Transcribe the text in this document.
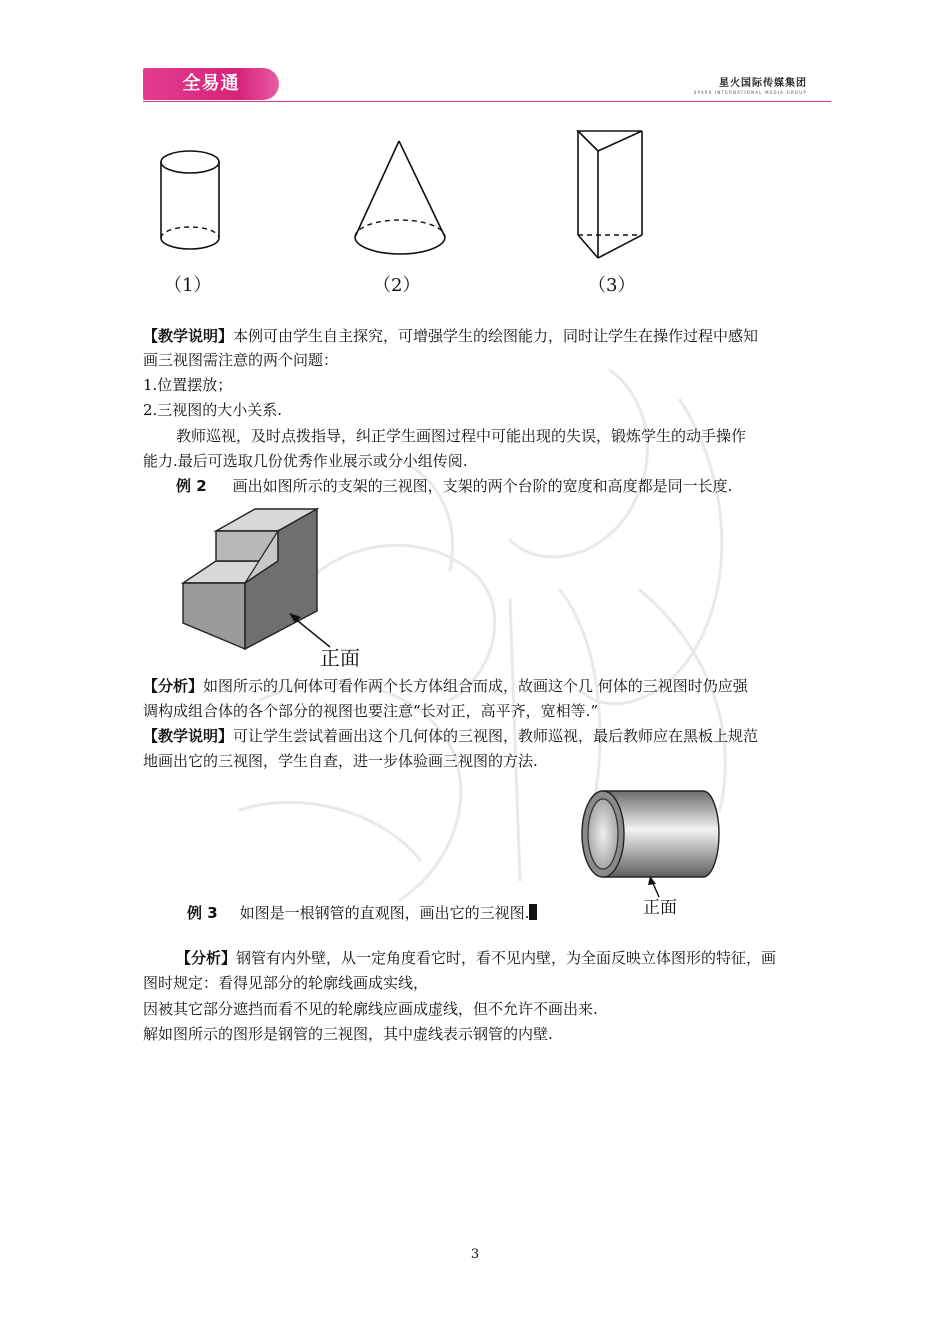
全易通	星火国际传媒集团
SPARK INTERNATIONAL MEDIA GROUP
（1）	（2）	（3）
【教学说明】本例可由学生自主探究，可增强学生的绘图能力，同时让学生在操作过程中感知
画三视图需注意的两个问题：
1.位置摆放；
2.三视图的大小关系.
教师巡视，及时点拨指导，纠正学生画图过程中可能出现的失误，锻炼学生的动手操作
能力.最后可选取几份优秀作业展示或分小组传阅.
例 2 画出如图所示的支架的三视图，支架的两个台阶的宽度和高度都是同一长度.
正面
【分析】如图所示的几何体可看作两个长方体组合而成，故画这个几 何体的三视图时仍应强
调构成组合体的各个部分的视图也要注意“长对正，高平齐，宽相等.”
【教学说明】可让学生尝试着画出这个几何体的三视图，教师巡视，最后教师应在黑板上规范
地画出它的三视图，学生自查，进一步体验画三视图的方法.
正面
例 3 如图是一根钢管的直观图，画出它的三视图.
【分析】钢管有内外壁，从一定角度看它时，看不见内壁，为全面反映立体图形的特征，画
图时规定：看得见部分的轮廓线画成实线，
因被其它部分遮挡而看不见的轮廓线应画成虚线，但不允许不画出来.
解如图所示的图形是钢管的三视图，其中虚线表示钢管的内壁.
3
